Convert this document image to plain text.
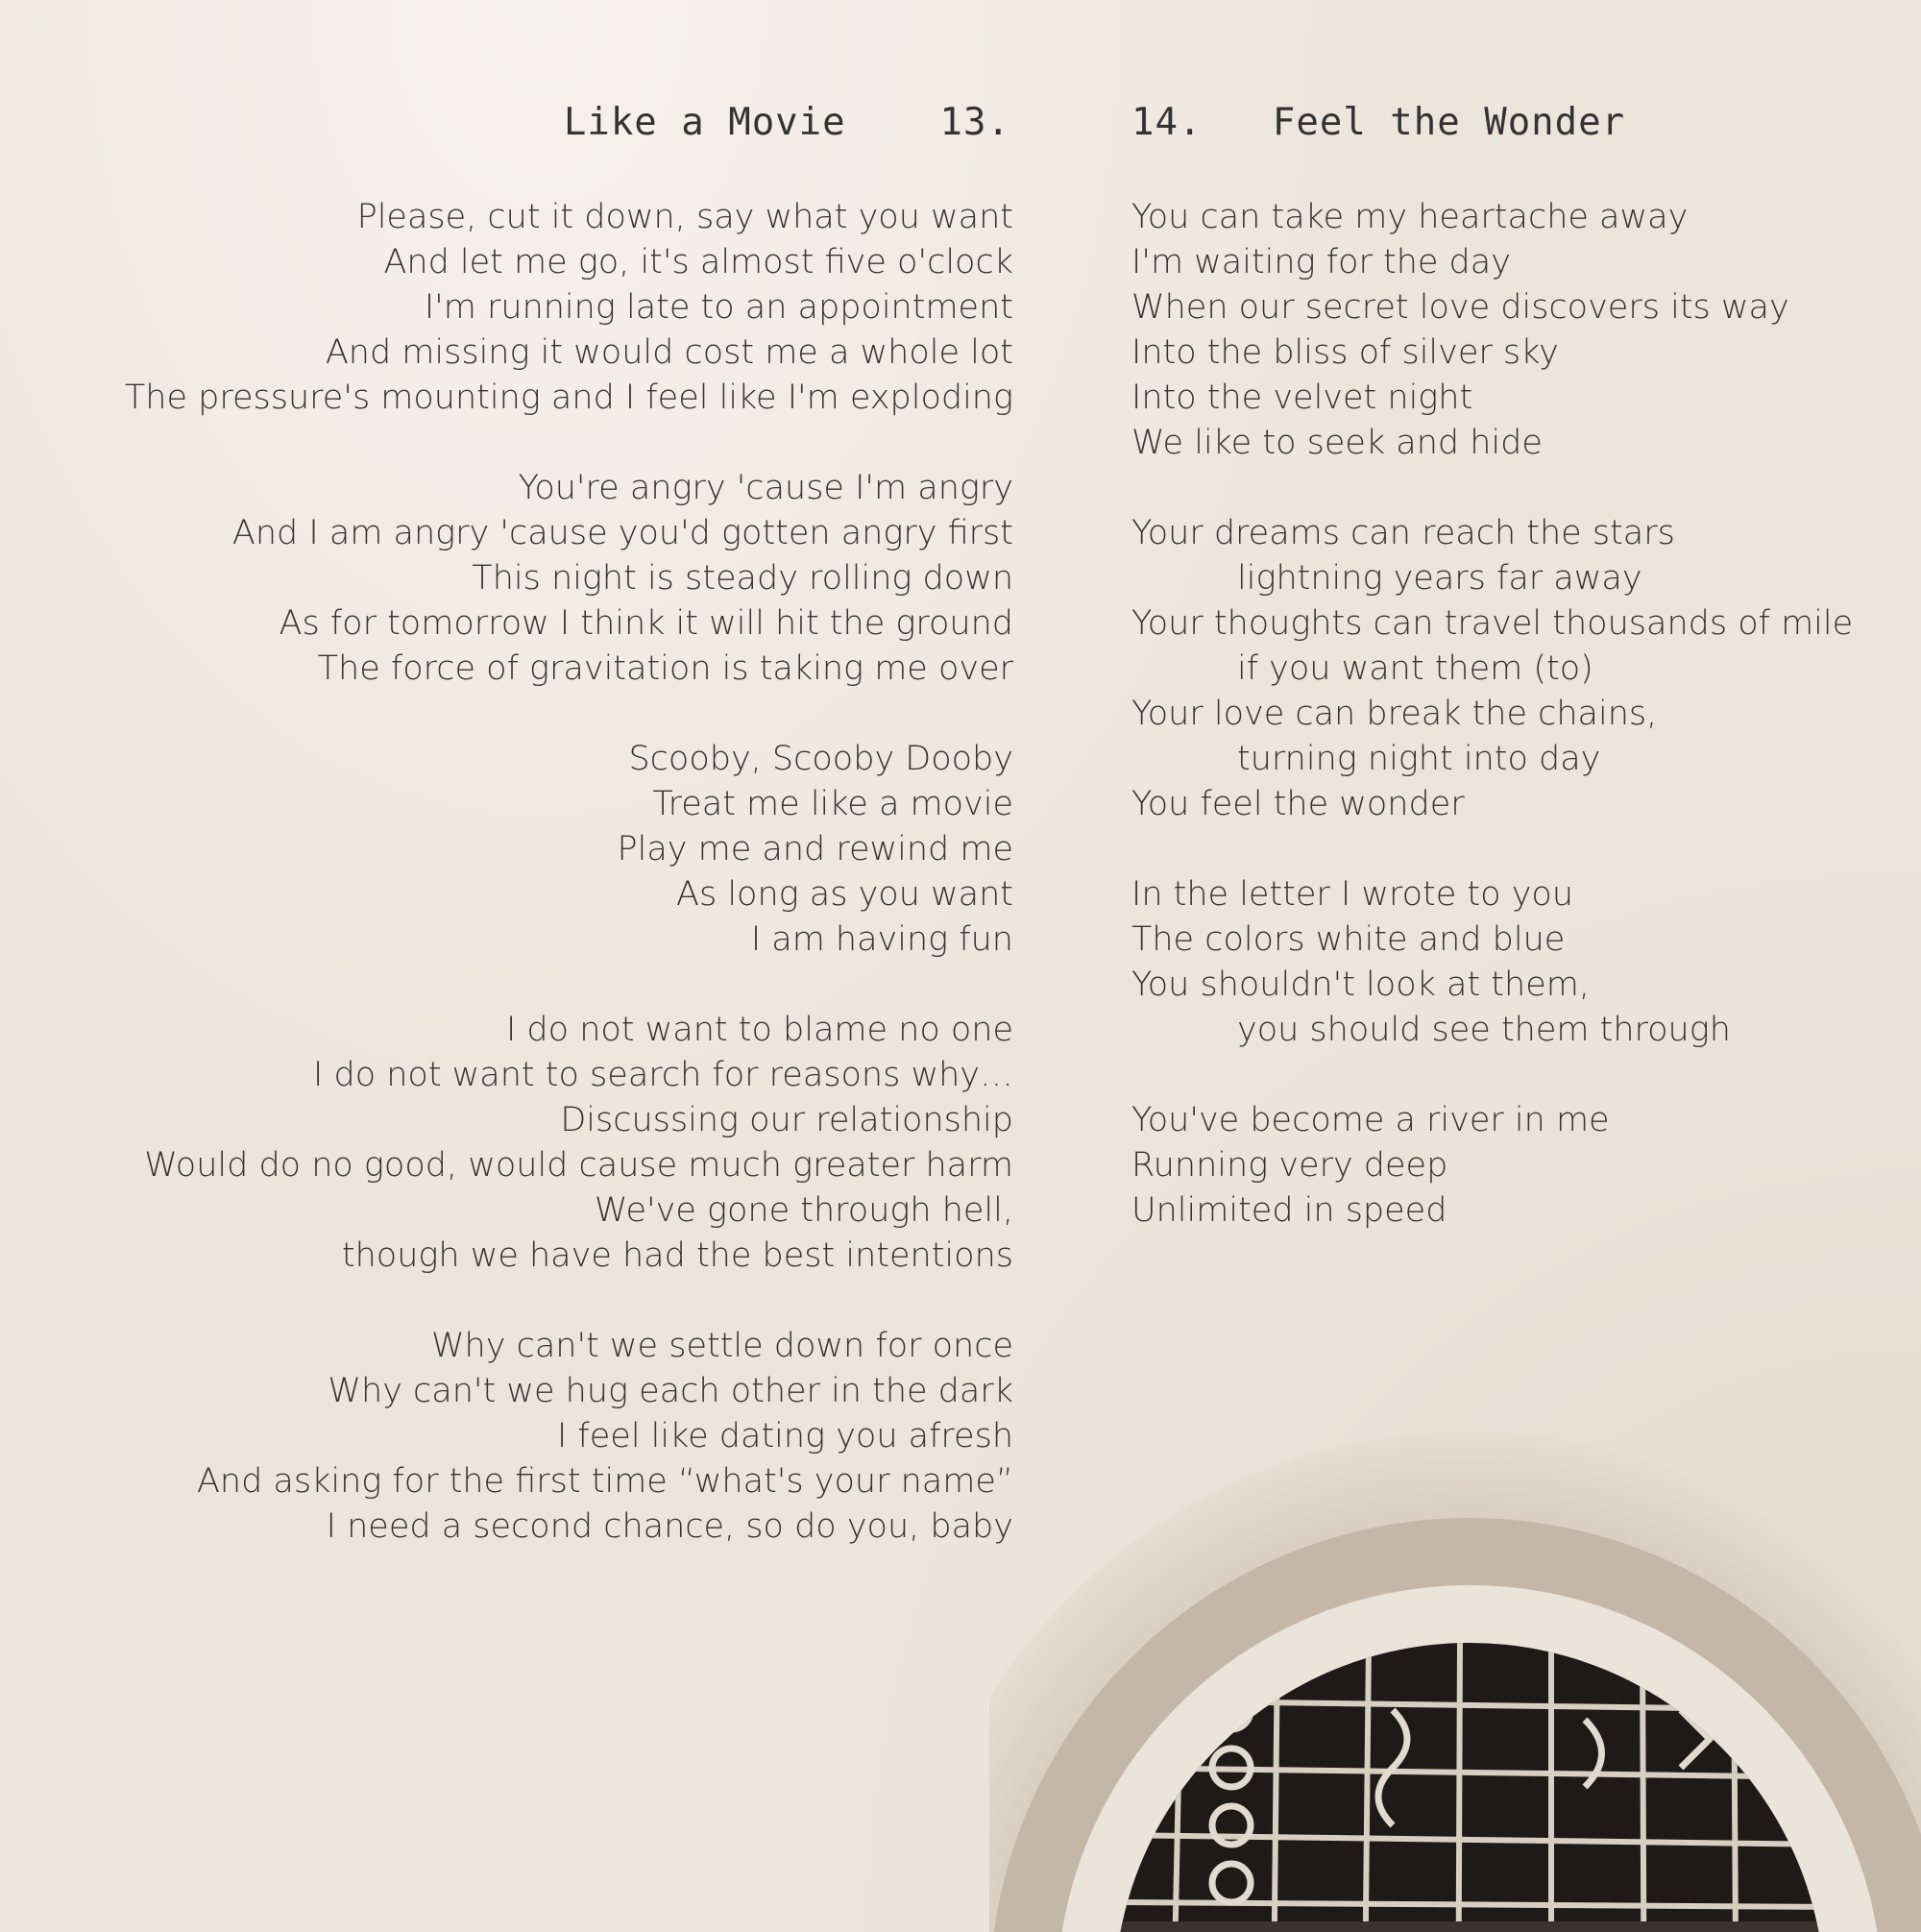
Like a Movie	13.	14. Feel the Wonder
Please, cut it down, say what you want
And let me go, it's almost five o'clock
I'm running late to an appointment
And missing it would cost me a whole lot
The pressure's mounting and I feel like I'm exploding
You're angry 'cause I'm angry
And I am angry 'cause you'd gotten angry first
This night is steady rolling down
As for tomorrow I think it will hit the ground
The force of gravitation is taking me over
Scooby, Scooby Dooby
Treat me like a movie
Play me and rewind me
As long as you want
I am having fun
I do not want to blame no one
I do not want to search for reasons why…
Discussing our relationship
Would do no good, would cause much greater harm
We've gone through hell,
though we have had the best intentions
Why can't we settle down for once
Why can't we hug each other in the dark
I feel like dating you afresh
And asking for the first time “what's your name”
I need a second chance, so do you, baby
You can take my heartache away
I'm waiting for the day
When our secret love discovers its way
Into the bliss of silver sky
Into the velvet night
We like to seek and hide
Your dreams can reach the stars
lightning years far away
Your thoughts can travel thousands of mile
if you want them (to)
Your love can break the chains,
turning night into day
You feel the wonder
In the letter I wrote to you
The colors white and blue
You shouldn't look at them,
you should see them through
You've become a river in me
Running very deep
Unlimited in speed
